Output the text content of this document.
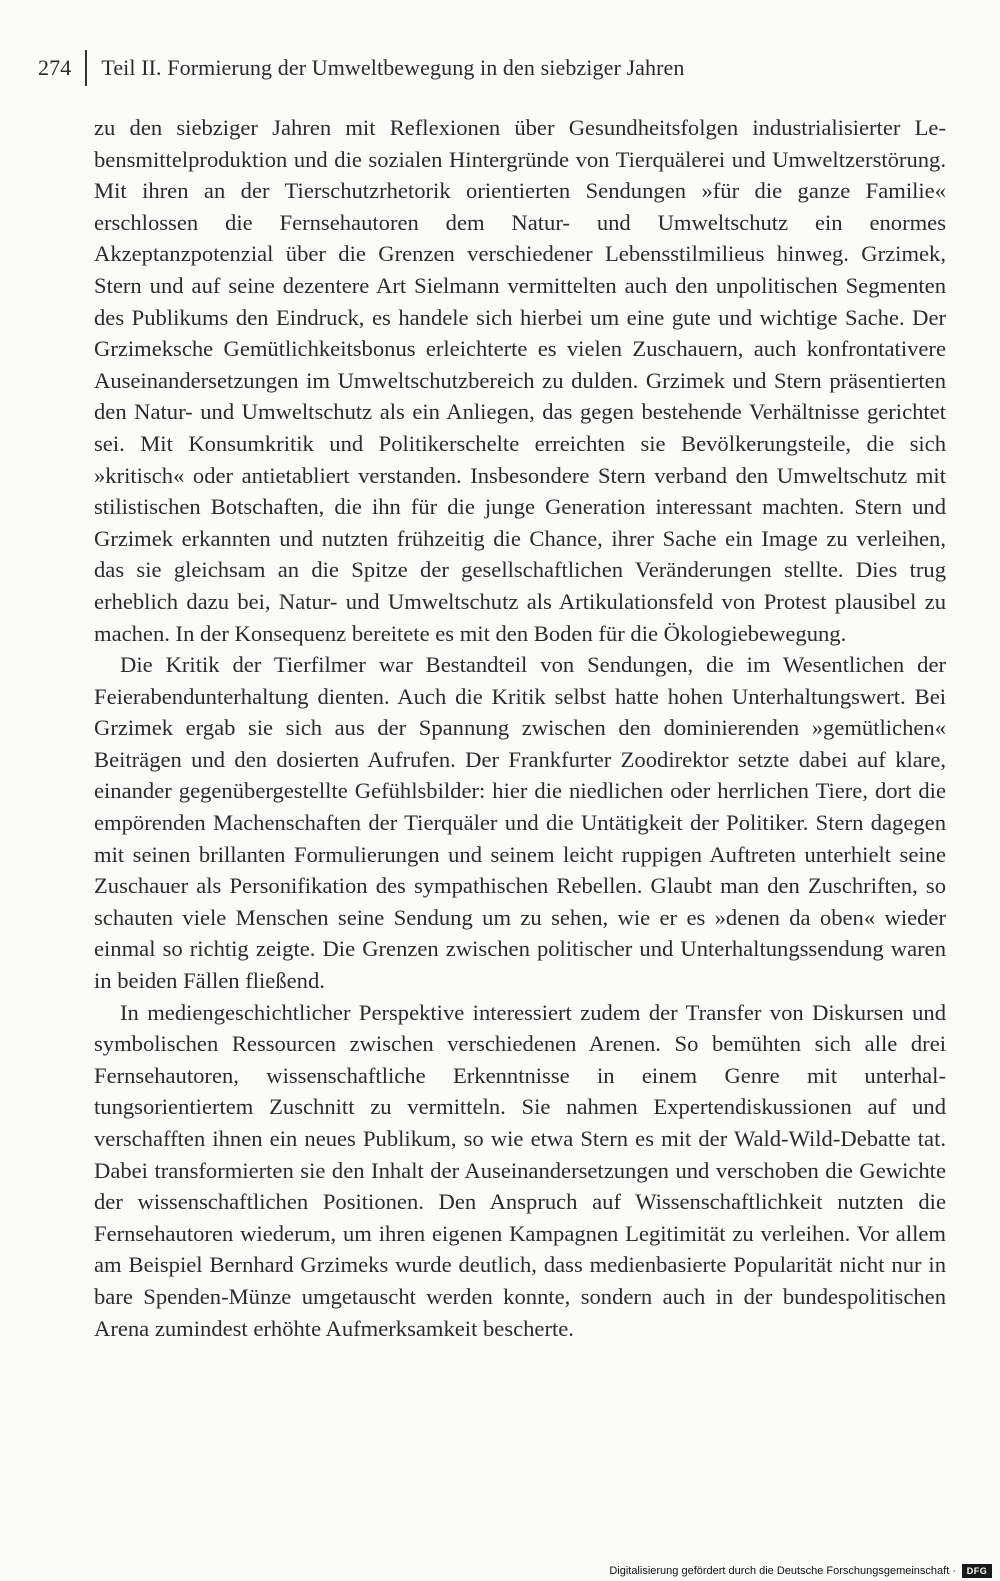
274 Teil II. Formierung der Umweltbewegung in den siebziger Jahren

zu den siebziger Jahren mit Reflexionen über Gesundheitsfolgen industrialisierter Lebensmittelproduktion und die sozialen Hintergründe von Tierquälerei und Umweltzerstörung. Mit ihren an der Tierschutzrhetorik orientierten Sendungen »für die ganze Familie« erschlossen die Fernsehautoren dem Natur- und Umweltschutz ein enormes Akzeptanzpotenzial über die Grenzen verschiedener Lebensstilmilieus hinweg. Grzimek, Stern und auf seine dezentere Art Sielmann vermittelten auch den unpolitischen Segmenten des Publikums den Eindruck, es handele sich hierbei um eine gute und wichtige Sache. Der Grzimeksche Gemütlichkeitsbonus erleichterte es vielen Zuschauern, auch konfrontativere Auseinandersetzungen im Umweltschutzbereich zu dulden. Grzimek und Stern präsentierten den Natur- und Umweltschutz als ein Anliegen, das gegen bestehende Verhältnisse gerichtet sei. Mit Konsumkritik und Politikerschelte erreichten sie Bevölkerungsteile, die sich »kritisch« oder antietabliert verstanden. Insbesondere Stern verband den Umweltschutz mit stilistischen Botschaften, die ihn für die junge Generation interessant machten. Stern und Grzimek erkannten und nutzten frühzeitig die Chance, ihrer Sache ein Image zu verleihen, das sie gleichsam an die Spitze der gesellschaftlichen Veränderungen stellte. Dies trug erheblich dazu bei, Natur- und Umweltschutz als Artikulationsfeld von Protest plausibel zu machen. In der Konsequenz bereitete es mit den Boden für die Ökologiebewegung.

Die Kritik der Tierfilmer war Bestandteil von Sendungen, die im Wesentlichen der Feierabendunterhaltung dienten. Auch die Kritik selbst hatte hohen Unterhaltungswert. Bei Grzimek ergab sie sich aus der Spannung zwischen den dominierenden »gemütlichen« Beiträgen und den dosierten Aufrufen. Der Frankfurter Zoodirektor setzte dabei auf klare, einander gegenübergestellte Gefühlsbilder: hier die niedlichen oder herrlichen Tiere, dort die empörenden Machenschaften der Tierquäler und die Untätigkeit der Politiker. Stern dagegen mit seinen brillanten Formulierungen und seinem leicht ruppigen Auftreten unterhielt seine Zuschauer als Personifikation des sympathischen Rebellen. Glaubt man den Zuschriften, so schauten viele Menschen seine Sendung um zu sehen, wie er es »denen da oben« wieder einmal so richtig zeigte. Die Grenzen zwischen politischer und Unterhaltungssendung waren in beiden Fällen fließend.

In mediengeschichtlicher Perspektive interessiert zudem der Transfer von Diskursen und symbolischen Ressourcen zwischen verschiedenen Arenen. So bemühten sich alle drei Fernsehautoren, wissenschaftliche Erkenntnisse in einem Genre mit unterhaltungsorientiertem Zuschnitt zu vermitteln. Sie nahmen Expertendiskussionen auf und verschafften ihnen ein neues Publikum, so wie etwa Stern es mit der Wald-Wild-Debatte tat. Dabei transformierten sie den Inhalt der Auseinandersetzungen und verschoben die Gewichte der wissenschaftlichen Positionen. Den Anspruch auf Wissenschaftlichkeit nutzten die Fernsehautoren wiederum, um ihren eigenen Kampagnen Legitimität zu verleihen. Vor allem am Beispiel Bernhard Grzimeks wurde deutlich, dass medienbasierte Popularität nicht nur in bare Spenden-Münze umgetauscht werden konnte, sondern auch in der bundespolitischen Arena zumindest erhöhte Aufmerksamkeit bescherte.

Digitalisierung gefördert durch die Deutsche Forschungsgemeinschaft ·	DFG
